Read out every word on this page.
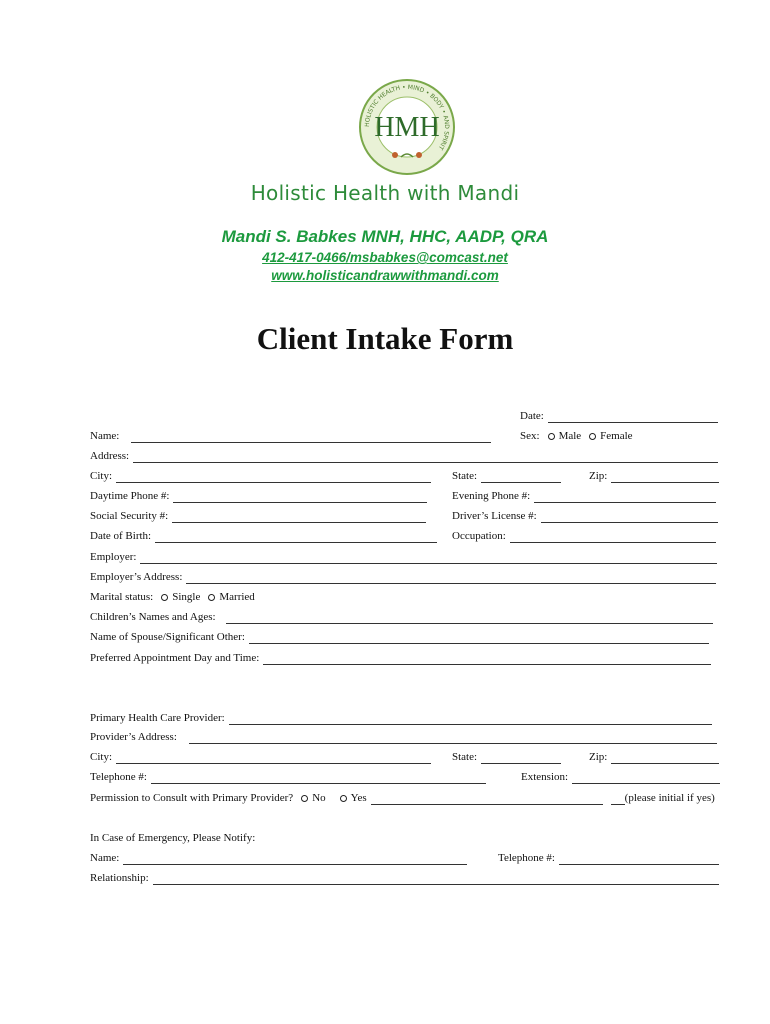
HOLISTIC HEALTH • MIND • BODY • AND SPIRIT
HMH
Holistic Health with Mandi
Mandi S. Babkes MNH, HHC, AADP, QRA
412-417-0466/msbabkes@comcast.net
www.holisticandrawwithmandi.com
Client Intake Form
Date:
Name:	Sex: Male Female
Address:
City:	State:	Zip:
Daytime Phone #:	Evening Phone #:
Social Security #:	Driver’s License #:
Date of Birth:	Occupation:
Employer:
Employer’s Address:
Marital status: Single Married
Children’s Names and Ages:
Name of Spouse/Significant Other:
Preferred Appointment Day and Time:
Primary Health Care Provider:
Provider’s Address:
City:	State:	Zip:
Telephone #:	Extension:
Permission to Consult with Primary Provider? No Yes	(please initial if yes)
In Case of Emergency, Please Notify:
Name:	Telephone #:
Relationship:
